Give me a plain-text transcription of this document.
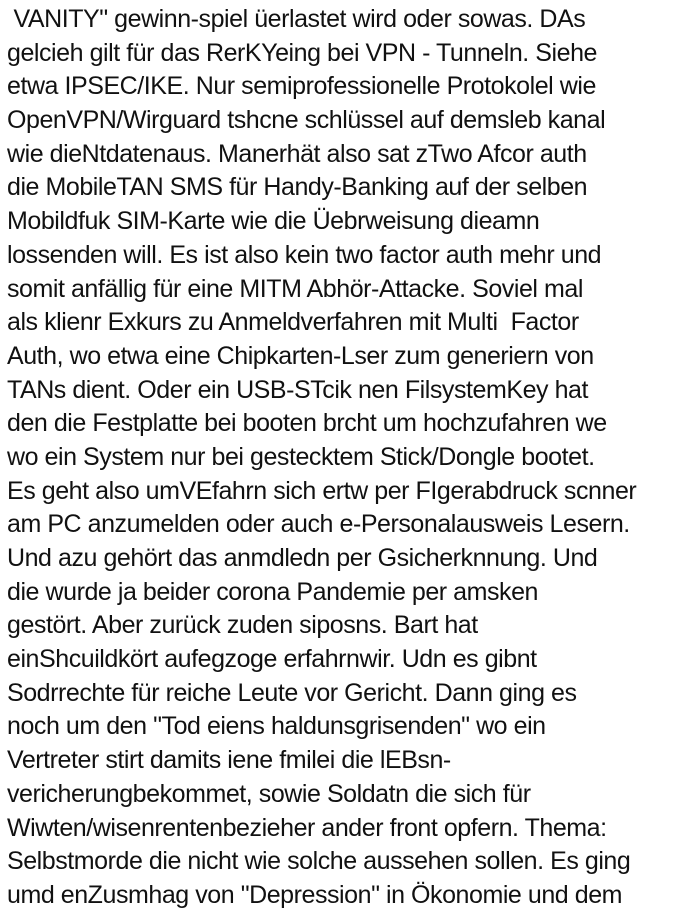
VANITY" gewinn-spiel üerlastet wird oder sowas. DAs
gelcieh gilt für das RerKYeing bei VPN - Tunneln. Siehe
etwa IPSEC/IKE. Nur semiprofessionelle Protokolel wie
OpenVPN/Wirguard tshcne schlüssel auf demsleb kanal
wie dieNtdatenaus. Manerhät also sat zTwo Afcor auth
die MobileTAN SMS für Handy-Banking auf der selben
Mobildfuk SIM-Karte wie die Üebrweisung dieamn
lossenden will. Es ist also kein two factor auth mehr und
somit anfällig für eine MITM Abhör-Attacke. Soviel mal
als klienr Exkurs zu Anmeldverfahren mit Multi  Factor
Auth, wo etwa eine Chipkarten-Lser zum generiern von
TANs dient. Oder ein USB-STcik nen FilsystemKey hat
den die Festplatte bei booten brcht um hochzufahren we
wo ein System nur bei gestecktem Stick/Dongle bootet.
Es geht also umVEfahrn sich ertw per FIgerabdruck scnner
am PC anzumelden oder auch e-Personalausweis Lesern.
Und azu gehört das anmdledn per Gsicherknnung. Und
die wurde ja beider corona Pandemie per amsken
gestört. Aber zurück zuden siposns. Bart hat
einShcuildkört aufegzoge erfahrnwir. Udn es gibnt
Sodrrechte für reiche Leute vor Gericht. Dann ging es
noch um den "Tod eiens haldunsgrisenden" wo ein
Vertreter stirt damits iene fmilei die lEBsn-
vericherungbekommet, sowie Soldatn die sich für
Wiwten/wisenrentenbezieher ander front opfern. Thema:
Selbstmorde die nicht wie solche aussehen sollen. Es ging
umd enZusmhag von "Depression" in Ökonomie und dem
